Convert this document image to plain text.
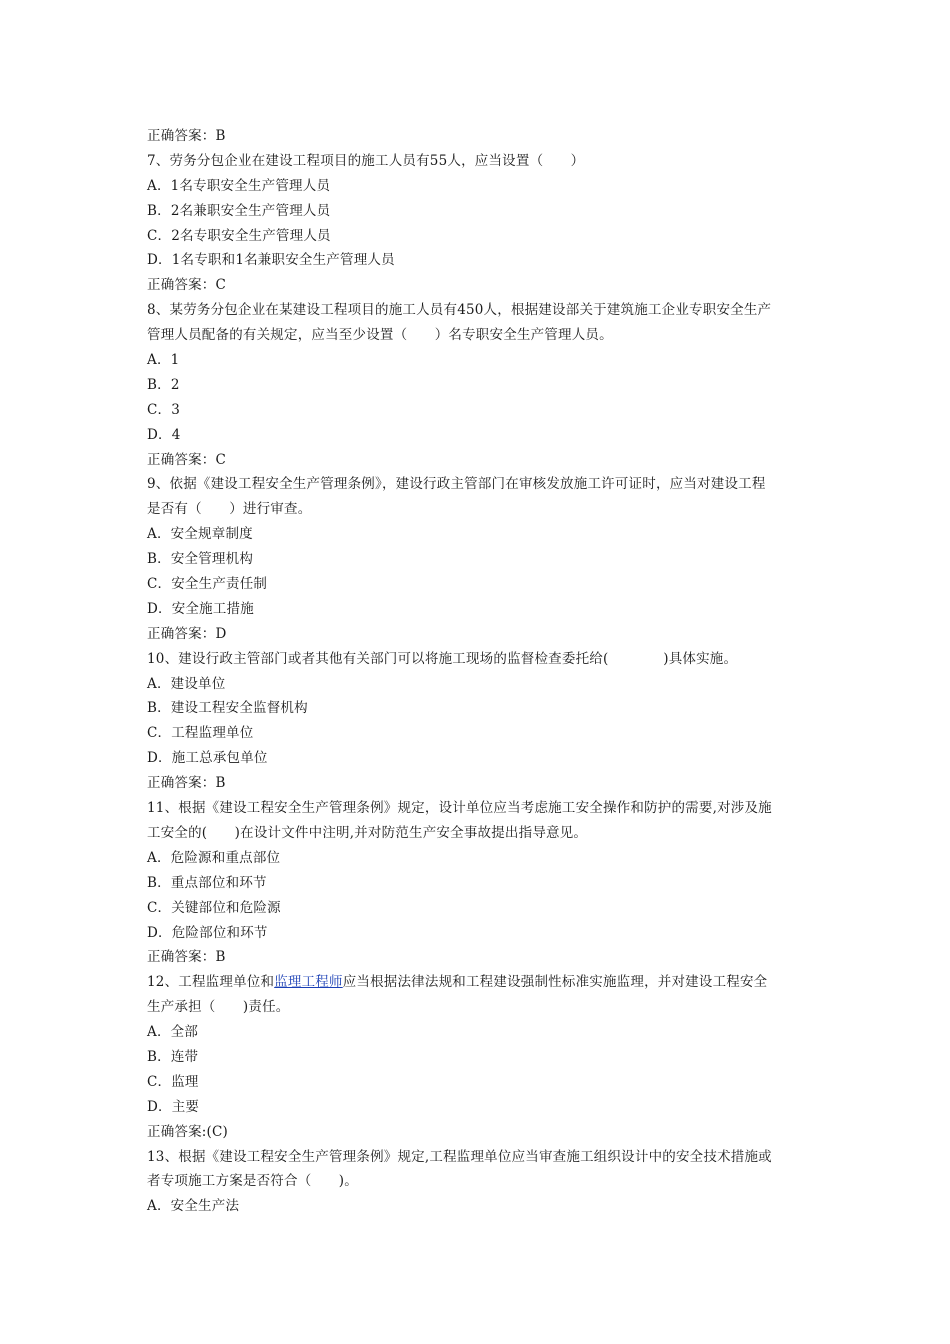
正确答案：B
7、劳务分包企业在建设工程项目的施工人员有55人，应当设置（　　）
A．1名专职安全生产管理人员
B．2名兼职安全生产管理人员
C．2名专职安全生产管理人员
D．1名专职和1名兼职安全生产管理人员
正确答案：C
8、某劳务分包企业在某建设工程项目的施工人员有450人，根据建设部关于建筑施工企业专职安全生产
管理人员配备的有关规定，应当至少设置（　　）名专职安全生产管理人员。
A．1
B．2
C．3
D．4
正确答案：C
9、依据《建设工程安全生产管理条例》，建设行政主管部门在审核发放施工许可证时，应当对建设工程
是否有（　　）进行审查。
A．安全规章制度
B．安全管理机构
C．安全生产责任制
D．安全施工措施
正确答案：D
10、建设行政主管部门或者其他有关部门可以将施工现场的监督检查委托给(　　　　)具体实施。
A．建设单位
B．建设工程安全监督机构
C．工程监理单位
D．施工总承包单位
正确答案：B
11、根据《建设工程安全生产管理条例》规定，设计单位应当考虑施工安全操作和防护的需要,对涉及施
工安全的(　　)在设计文件中注明,并对防范生产安全事故提出指导意见。
A．危险源和重点部位
B．重点部位和环节
C．关键部位和危险源
D．危险部位和环节
正确答案：B
12、工程监理单位和监理工程师应当根据法律法规和工程建设强制性标准实施监理，并对建设工程安全
生产承担（　　)责任。
A．全部
B．连带
C．监理
D．主要
正确答案:(C)
13、根据《建设工程安全生产管理条例》规定,工程监理单位应当审查施工组织设计中的安全技术措施或
者专项施工方案是否符合（　　)。
A．安全生产法
